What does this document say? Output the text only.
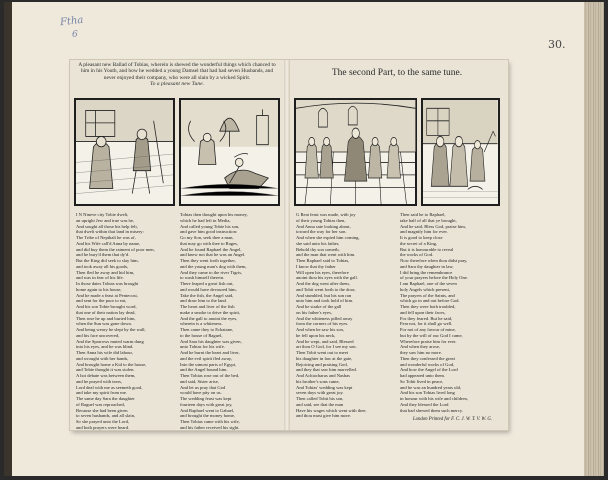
Ftha
6
30.
A pleasant new Ballad of Tobias, wherein is shewed the wonderful things which chanced to him in his Youth, and how he wedded a young Damsel that had had seven Husbands, and never enjoyed their company, who were all slain by a wicked Spirit.
To a pleasant new Tune.
I N Nineve city Tobie dwelt,
an upright Jew and true was he,
And sought all those his help felt,
that dwelt within that land in misery:
The Tribe of Nepthali he was of,
And his Wife call'd Anna by name,
and did buy them the raiment of poor men,
and he bury'd them that dy'd.
But the King did seek to slay him,
and took away all his goods,
Then fled he away and hid him,
and was in fear of his life.
In those daies Tobias was brought
home again to his house,
And he made a feast at Pentecost,
and sent for the poor to eat,
And his son Tobie brought word,
that one of their nation lay dead,
Then rose he up and buried him,
when the Sun was gone down.
And being weary he slept by the wall,
and his face uncovered,
And the Sparrows muted warm dung
into his eyes, and he was blind.
Then Anna his wife did labour,
and wrought with her hands,
And brought home a Kid to the house,
and Tobie thought it was stolen.
A hot debate was between them,
and he prayed with tears,
Lord deal with me as seemeth good,
and take my spirit from me.
The same day Sara the daughter
of Raguel was reproached,
Because she had been given
to seven husbands, and all slain,
So she prayed unto the Lord,
and both prayers were heard.
Tobias then thought upon his money,
which he had left in Media,
And called young Tobie his son,
and gave him good instruction:
Go my Son, seek thee a man,
that may go with thee to Rages,
And he found Raphael the Angel,
and knew not that he was an Angel.
Then they went forth together,
and the young man's dog with them,
And they came to the river Tigris,
to wash himself therein.
There leaped a great fish out,
and would have devoured him,
Take the fish, the Angel said,
and draw him to the land.
The heart and liver of the fish
make a smoke to drive the spirit,
And the gall to anoint the eyes,
wherein is a whiteness.
Then came they to Ecbatane,
to the house of Raguel,
And Sara his daughter was given,
unto Tobias for his wife.
And he burnt the heart and liver,
and the evil spirit fled away,
Into the utmost parts of Egypt,
and the Angel bound him.
Then Tobias rose out of the bed,
and said, Sister arise,
And let us pray that God
would have pity on us.
The wedding feast was kept
fourteen days with great joy,
And Raphael went to Gabael,
and brought the money home,
Then Tobias came with his wife,
and his father received his sight.
The second Part, to the same tune.
G Reat feast was made, with joy
of their young Tobias then,
And Anna sate looking about,
toward the way for her son.
And when she espied him coming,
she said unto his father,
Behold thy son cometh,
and the man that went with him.
Then Raphael said to Tobias,
I know that thy father
Will open his eyes, therefore
anoint thou his eyes with the gall.
And the dog went after them,
and Tobit went forth to the door,
And stumbled, but his son ran
unto him and took hold of him.
And he strake of the gall
on his father's eyes,
And the whiteness pilled away
from the corners of his eyes.
And when he saw his son,
he fell upon his neck,
And he wept, and said, Blessed
art thou O God, for I see my son.
Then Tobit went out to meet
his daughter in law at the gate,
Rejoicing and praising God,
and they that saw him marvelled.
And Achiacharus and Nasbas
his brother's sons came,
And Tobias' wedding was kept
seven days with great joy.
Then called Tobit his son,
and said, see that the man
Have his wages which went with thee,
and thou must give him more.
Then said he to Raphael,
take half of all that ye brought,
And he said, Bless God, praise him,
and magnify him for ever.
It is good to keep close
the secret of a King,
But it is honourable to reveal
the works of God.
Now therefore when thou didst pray,
and Sara thy daughter in law,
I did bring the remembrance
of your prayers before the Holy One.
I am Raphael, one of the seven
holy Angels which present,
The prayers of the Saints, and
which go in and out before God.
Then they were both troubled,
and fell upon their faces,
For they feared. But he said,
Fear not, for it shall go well.
For not of any favour of mine,
but by the will of our God I came,
Wherefore praise him for ever.
And when they arose,
they saw him no more.
Then they confessed the great
and wonderful works of God,
And how the Angel of the Lord
had appeared unto them.
So Tobit lived in peace,
and he was an hundred years old,
And his son Tobias lived long
in honour with his wife and children,
And they blessed the Lord
that had shewed them such mercy.
London Printed for F. C. J. W. T. V. W. G.
